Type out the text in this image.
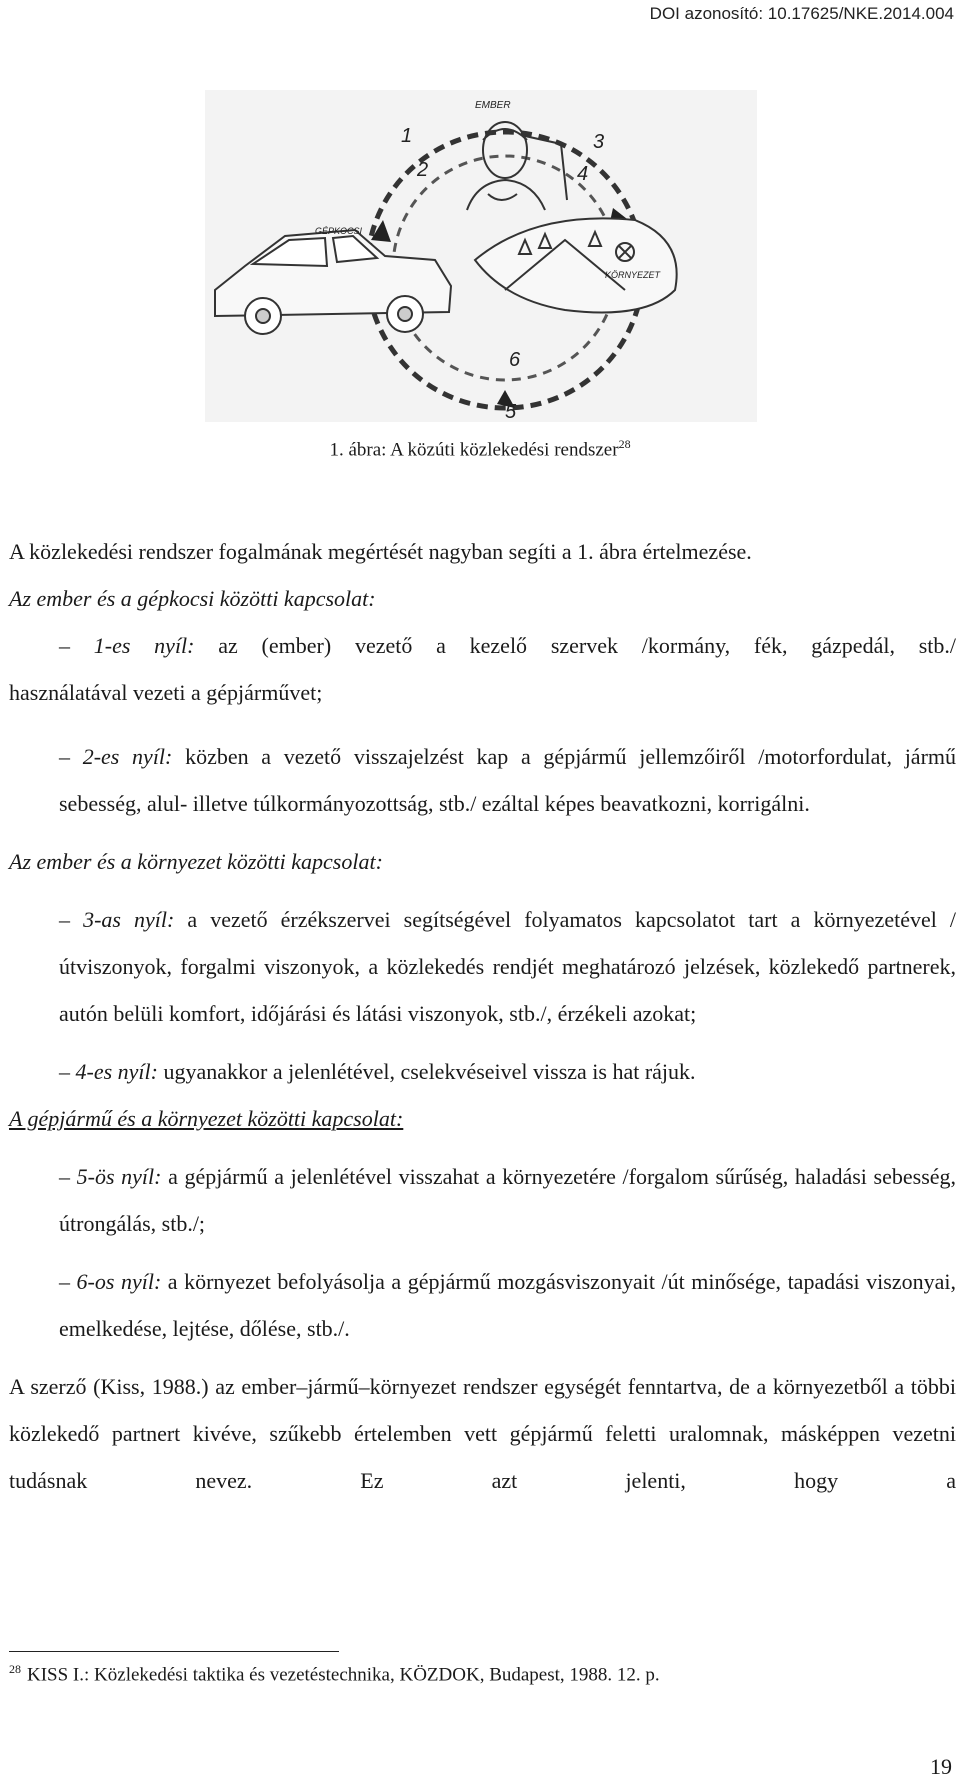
DOI azonosító: 10.17625/NKE.2014.004
EMBER
GÉPKOCSI
KÖRNYEZET
1
2
3
4
5
6
1. ábra: A közúti közlekedési rendszer$^{28}$

A közlekedési rendszer fogalmának megértését nagyban segíti a 1. ábra értelmezése.

Az ember és a gépkocsi közötti kapcsolat:

– 1-es nyíl: az (ember) vezető a kezelő szervek /kormány, fék, gázpedál, stb./

használatával vezeti a gépjárművet;

– 2-es nyíl: közben a vezető visszajelzést kap a gépjármű jellemzőiről /motorfordulat, jármű sebesség, alul- illetve túlkormányozottság, stb./ ezáltal képes beavatkozni, korrigálni.

Az ember és a környezet közötti kapcsolat:

– 3-as nyíl: a vezető érzékszervei segítségével folyamatos kapcsolatot tart a környezetével /útviszonyok, forgalmi viszonyok, a közlekedés rendjét meghatározó jelzések, közlekedő partnerek, autón belüli komfort, időjárási és látási viszonyok, stb./, érzékeli azokat;

– 4-es nyíl: ugyanakkor a jelenlétével, cselekvéseivel vissza is hat rájuk.

A gépjármű és a környezet közötti kapcsolat:

– 5-ös nyíl: a gépjármű a jelenlétével visszahat a környezetére /forgalom sűrűség, haladási sebesség, útrongálás, stb./;

– 6-os nyíl: a környezet befolyásolja a gépjármű mozgásviszonyait /út minősége, tapadási viszonyai, emelkedése, lejtése, dőlése, stb./.

A szerző (Kiss, 1988.) az ember–jármű–környezet rendszer egységét fenntartva, de a környezetből a többi közlekedő partnert kivéve, szűkebb értelemben vett gépjármű feletti uralomnak, másképpen vezetni tudásnak nevez. Ez azt jelenti, hogy a

$^{28}$ KISS I.: Közlekedési taktika és vezetéstechnika, KÖZDOK, Budapest, 1988. 12. p.
19
